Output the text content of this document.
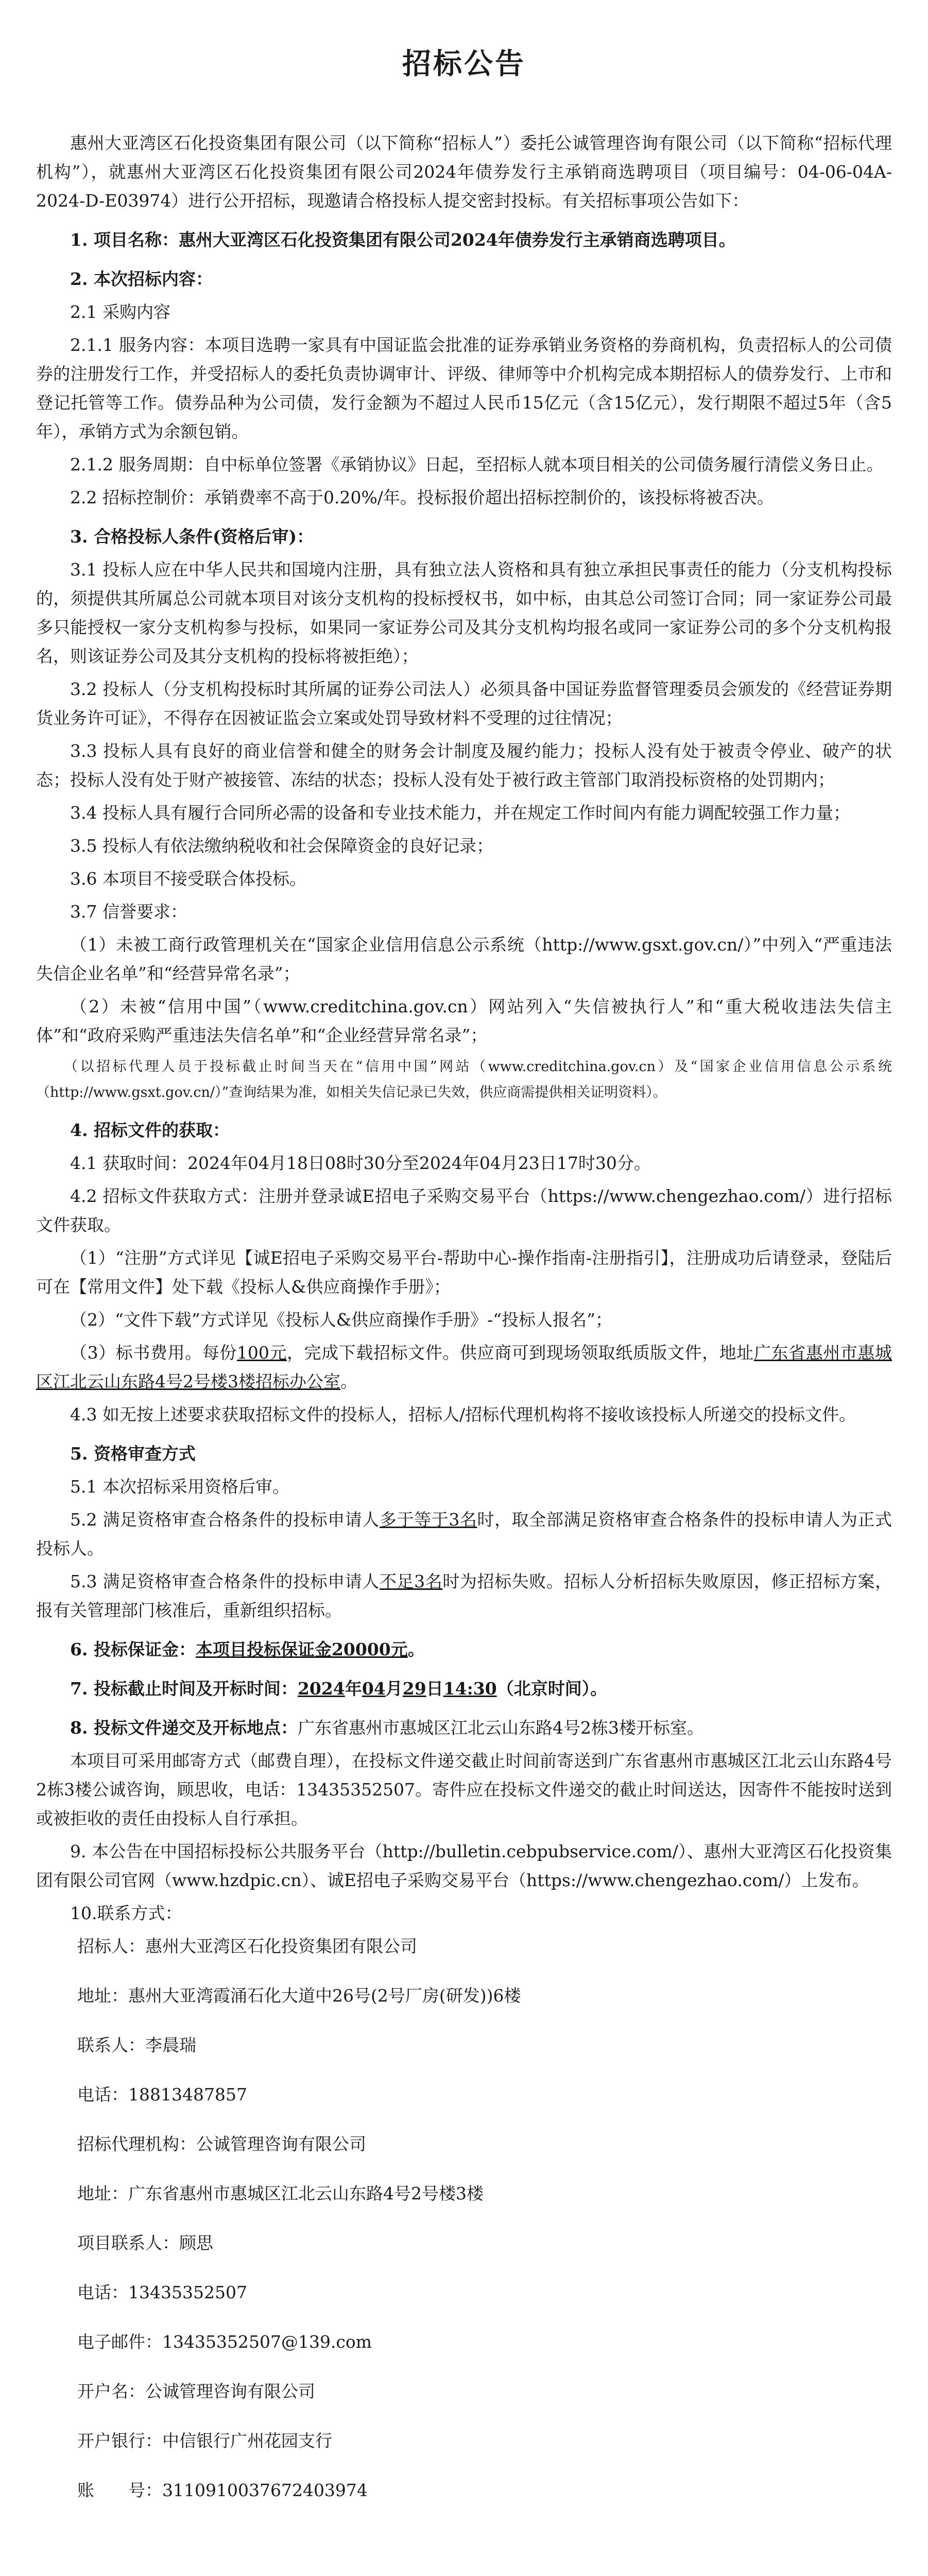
招标公告

惠州大亚湾区石化投资集团有限公司（以下简称“招标人”）委托公诚管理咨询有限公司（以下简称“招标代理机构”），就惠州大亚湾区石化投资集团有限公司2024年债券发行主承销商选聘项目（项目编号：04-06-04A-2024-D-E03974）进行公开招标，现邀请合格投标人提交密封投标。有关招标事项公告如下：

1. 项目名称：惠州大亚湾区石化投资集团有限公司2024年债券发行主承销商选聘项目。

2. 本次招标内容：

2.1 采购内容

2.1.1 服务内容：本项目选聘一家具有中国证监会批准的证券承销业务资格的券商机构，负责招标人的公司债券的注册发行工作，并受招标人的委托负责协调审计、评级、律师等中介机构完成本期招标人的债券发行、上市和登记托管等工作。债券品种为公司债，发行金额为不超过人民币15亿元（含15亿元），发行期限不超过5年（含5年），承销方式为余额包销。

2.1.2 服务周期：自中标单位签署《承销协议》日起，至招标人就本项目相关的公司债务履行清偿义务日止。

2.2 招标控制价：承销费率不高于0.20%/年。投标报价超出招标控制价的，该投标将被否决。

3. 合格投标人条件(资格后审)：

3.1 投标人应在中华人民共和国境内注册，具有独立法人资格和具有独立承担民事责任的能力（分支机构投标的，须提供其所属总公司就本项目对该分支机构的投标授权书，如中标，由其总公司签订合同；同一家证券公司最多只能授权一家分支机构参与投标，如果同一家证券公司及其分支机构均报名或同一家证券公司的多个分支机构报名，则该证券公司及其分支机构的投标将被拒绝）；

3.2 投标人（分支机构投标时其所属的证券公司法人）必须具备中国证券监督管理委员会颁发的《经营证券期货业务许可证》，不得存在因被证监会立案或处罚导致材料不受理的过往情况；

3.3 投标人具有良好的商业信誉和健全的财务会计制度及履约能力；投标人没有处于被责令停业、破产的状态；投标人没有处于财产被接管、冻结的状态；投标人没有处于被行政主管部门取消投标资格的处罚期内；

3.4 投标人具有履行合同所必需的设备和专业技术能力，并在规定工作时间内有能力调配较强工作力量；

3.5 投标人有依法缴纳税收和社会保障资金的良好记录；

3.6 本项目不接受联合体投标。

3.7 信誉要求：

（1）未被工商行政管理机关在“国家企业信用信息公示系统（http://www.gsxt.gov.cn/）”中列入“严重违法失信企业名单”和“经营异常名录”；

（2）未被“信用中国”（www.creditchina.gov.cn）网站列入“失信被执行人”和“重大税收违法失信主体”和“政府采购严重违法失信名单”和“企业经营异常名录”；

（以招标代理人员于投标截止时间当天在“信用中国”网站（www.creditchina.gov.cn）及“国家企业信用信息公示系统（http://www.gsxt.gov.cn/）”查询结果为准，如相关失信记录已失效，供应商需提供相关证明资料）。

4. 招标文件的获取：

4.1 获取时间：2024年04月18日08时30分至2024年04月23日17时30分。

4.2 招标文件获取方式：注册并登录诚E招电子采购交易平台（https://www.chengezhao.com/）进行招标文件获取。

（1）“注册”方式详见【诚E招电子采购交易平台-帮助中心-操作指南-注册指引】，注册成功后请登录，登陆后可在【常用文件】处下载《投标人&供应商操作手册》；

（2）“文件下载”方式详见《投标人&供应商操作手册》-“投标人报名”；

（3）标书费用。每份100元，完成下载招标文件。供应商可到现场领取纸质版文件，地址广东省惠州市惠城区江北云山东路4号2号楼3楼招标办公室。

4.3 如无按上述要求获取招标文件的投标人，招标人/招标代理机构将不接收该投标人所递交的投标文件。

5. 资格审查方式

5.1 本次招标采用资格后审。

5.2 满足资格审查合格条件的投标申请人多于等于3名时，取全部满足资格审查合格条件的投标申请人为正式投标人。

5.3 满足资格审查合格条件的投标申请人不足3名时为招标失败。招标人分析招标失败原因，修正招标方案，报有关管理部门核准后，重新组织招标。

6. 投标保证金：本项目投标保证金20000元。

7. 投标截止时间及开标时间：2024年04月29日14:30（北京时间）。

8. 投标文件递交及开标地点：广东省惠州市惠城区江北云山东路4号2栋3楼开标室。

本项目可采用邮寄方式（邮费自理），在投标文件递交截止时间前寄送到广东省惠州市惠城区江北云山东路4号2栋3楼公诚咨询，顾思收，电话：13435352507。寄件应在投标文件递交的截止时间送达，因寄件不能按时送到或被拒收的责任由投标人自行承担。

9. 本公告在中国招标投标公共服务平台（http://bulletin.cebpubservice.com/）、惠州大亚湾区石化投资集团有限公司官网（www.hzdpic.cn）、诚E招电子采购交易平台（https://www.chengezhao.com/）上发布。

10.联系方式：

招标人：惠州大亚湾区石化投资集团有限公司

地址：惠州大亚湾霞涌石化大道中26号(2号厂房(研发))6楼

联系人：李晨瑞

电话：18813487857

招标代理机构：公诚管理咨询有限公司

地址：广东省惠州市惠城区江北云山东路4号2号楼3楼

项目联系人：顾思

电话：13435352507

电子邮件：13435352507@139.com

开户名：公诚管理咨询有限公司

开户银行：中信银行广州花园支行

账　　号：3110910037672403974
